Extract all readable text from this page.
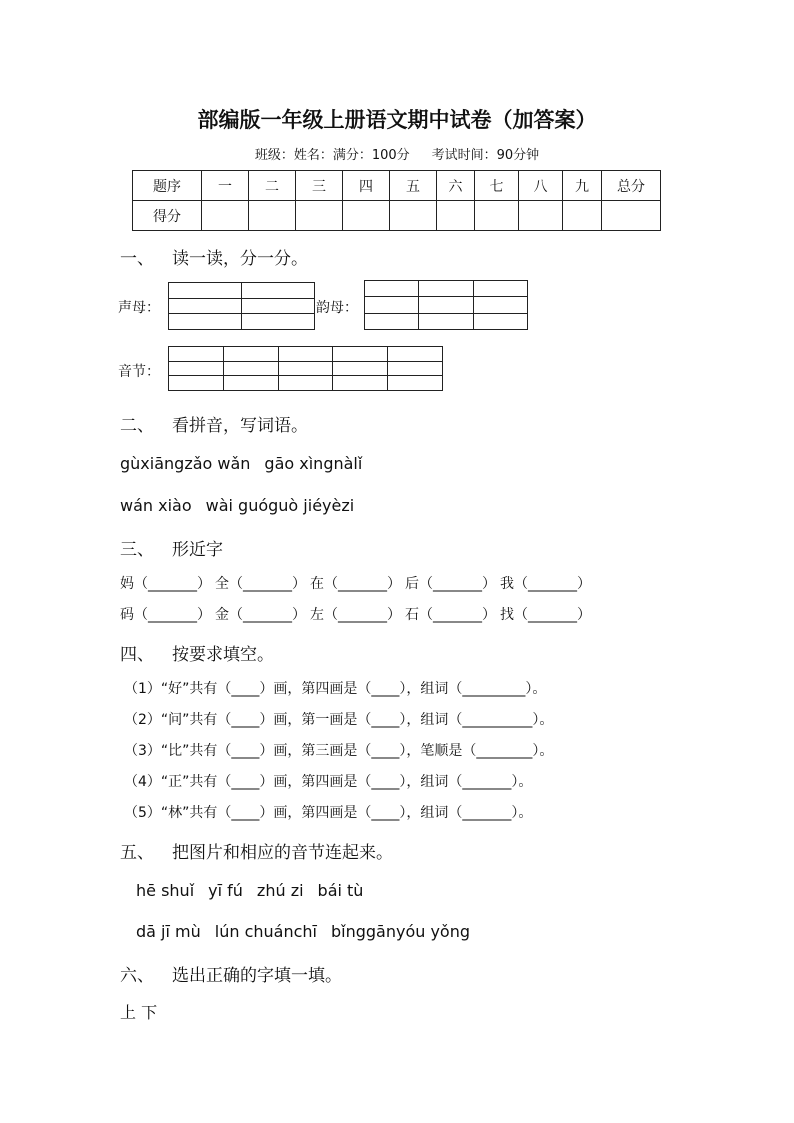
部编版一年级上册语文期中试卷（加答案）
班级：姓名：满分：100分 考试时间：90分钟
题序	一	二	三	四	五	六	七	八	九	总分
得分										
一、 读一读，分一分。
声母：

		韵母：

音节：

二、 看拼音，写词语。
gùxiāngzǎo wǎn gāo xìngnàlǐ
wán xiào wài guóguò jiéyèzi
三、 形近字
妈（_______） 全（_______） 在（_______） 后（_______） 我（_______）
码（_______） 金（_______） 左（_______） 石（_______） 找（_______）
四、 按要求填空。
（1）“好”共有（____）画，第四画是（____），组词（_________）。
（2）“问”共有（____）画，第一画是（____），组词（__________）。
（3）“比”共有（____）画，第三画是（____），笔顺是（________）。
（4）“正”共有（____）画，第四画是（____），组词（_______）。
（5）“林”共有（____）画，第四画是（____），组词（_______）。
五、 把图片和相应的音节连起来。
hē shuǐ yī fú zhú zi bái tù
dā jī mù lún chuánchī bǐnggānyóu yǒng
六、 选出正确的字填一填。
上 下
